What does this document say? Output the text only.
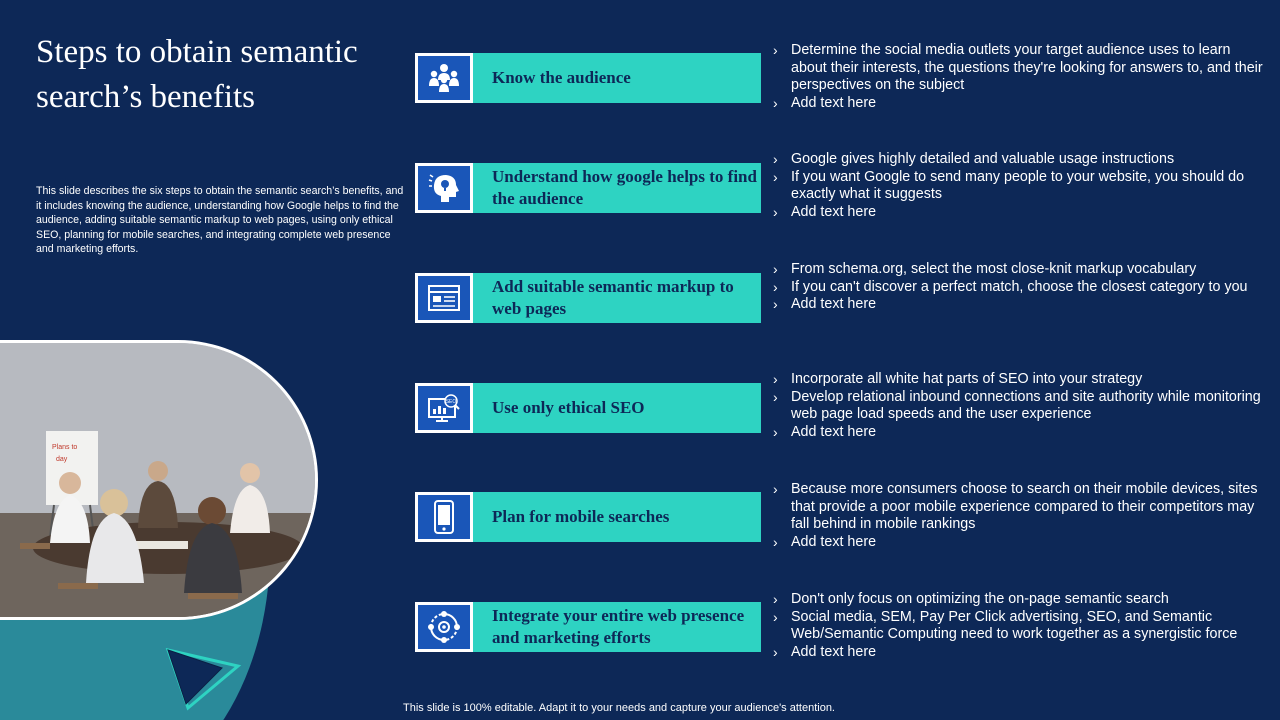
Steps to obtain semantic search’s benefits
This slide describes the six steps to obtain the semantic search’s benefits, and it includes knowing the audience, understanding how Google helps to find the audience, adding suitable semantic markup to web pages, using only ethical SEO, planning for mobile searches, and integrating complete web presence and marketing efforts.
Plans to
day
Know the audience
› Determine the social media outlets your target audience uses to learn about their interests, the questions they're looking for answers to, and their perspectives on the subject
› Add text here
Understand how google helps to find the audience
› Google gives highly detailed and valuable usage instructions
› If you want Google to send many people to your website, you should do exactly what it suggests
› Add text here
Add suitable semantic markup to web pages
› From schema.org, select the most close-knit markup vocabulary
› If you can't discover a perfect match, choose the closest category to you
› Add text here
SEO	Use only ethical SEO
› Incorporate all white hat parts of SEO into your strategy
› Develop relational inbound connections and site authority while monitoring web page load speeds and the user experience
› Add text here
Plan for mobile searches
› Because more consumers choose to search on their mobile devices, sites that provide a poor mobile experience compared to their competitors may fall behind in mobile rankings
› Add text here
Integrate your entire web presence and marketing efforts
› Don't only focus on optimizing the on-page semantic search
› Social media, SEM, Pay Per Click advertising, SEO, and Semantic Web/Semantic Computing need to work together as a synergistic force
› Add text here
This slide is 100% editable. Adapt it to your needs and capture your audience's attention.
